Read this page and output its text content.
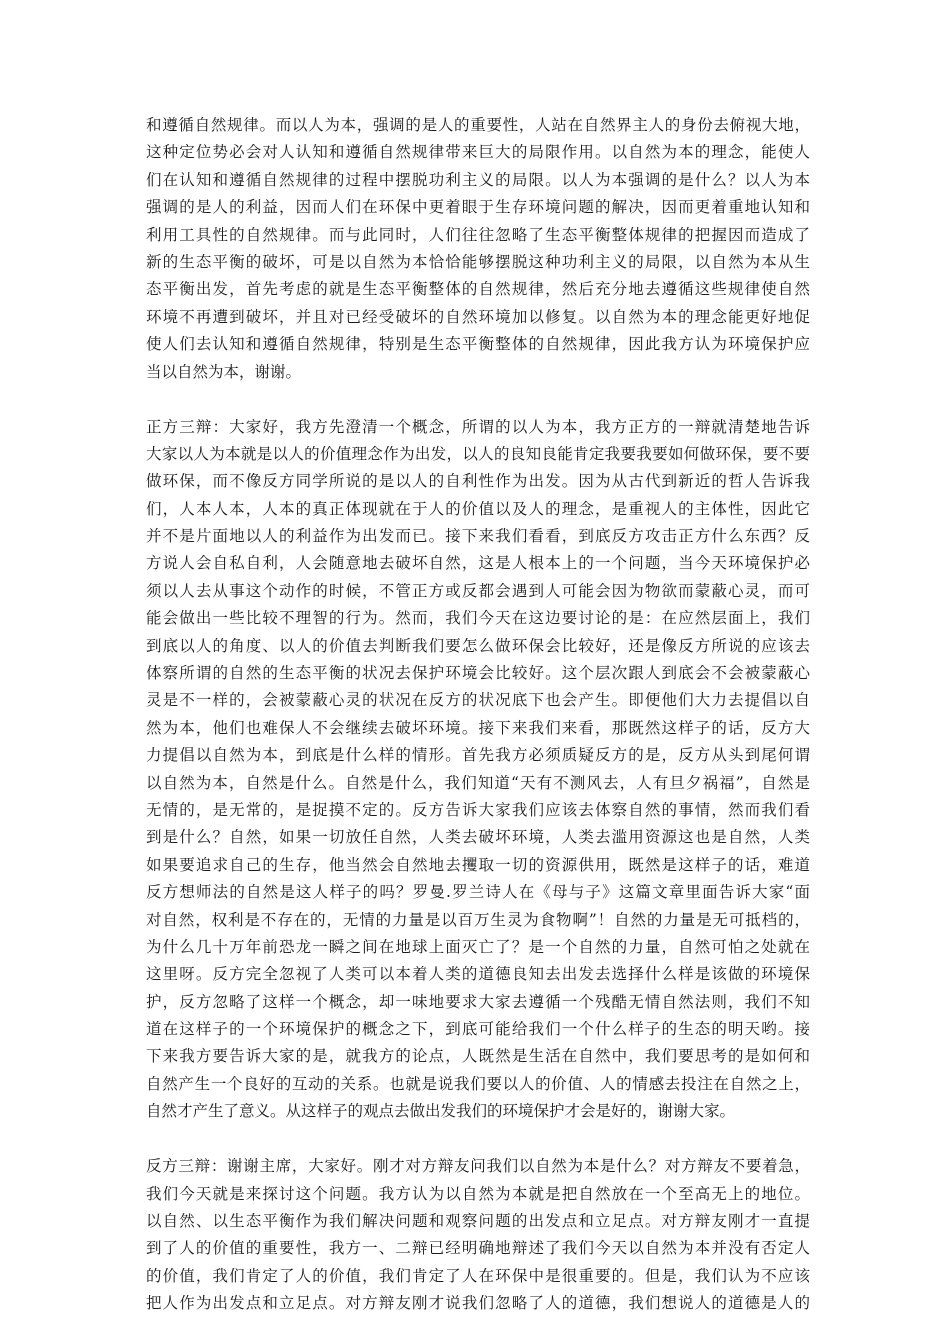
和遵循自然规律。而以人为本，强调的是人的重要性，人站在自然界主人的身份去俯视大地，
这种定位势必会对人认知和遵循自然规律带来巨大的局限作用。以自然为本的理念，能使人
们在认知和遵循自然规律的过程中摆脱功利主义的局限。以人为本强调的是什么？以人为本
强调的是人的利益，因而人们在环保中更着眼于生存环境问题的解决，因而更着重地认知和
利用工具性的自然规律。而与此同时，人们往往忽略了生态平衡整体规律的把握因而造成了
新的生态平衡的破坏，可是以自然为本恰恰能够摆脱这种功利主义的局限，以自然为本从生
态平衡出发，首先考虑的就是生态平衡整体的自然规律，然后充分地去遵循这些规律使自然
环境不再遭到破坏，并且对已经受破坏的自然环境加以修复。以自然为本的理念能更好地促
使人们去认知和遵循自然规律，特别是生态平衡整体的自然规律，因此我方认为环境保护应
当以自然为本，谢谢。
正方三辩：大家好，我方先澄清一个概念，所谓的以人为本，我方正方的一辩就清楚地告诉
大家以人为本就是以人的价值理念作为出发，以人的良知良能肯定我要我要如何做环保，要不要
做环保，而不像反方同学所说的是以人的自利性作为出发。因为从古代到新近的哲人告诉我
们，人本人本，人本的真正体现就在于人的价值以及人的理念，是重视人的主体性，因此它
并不是片面地以人的利益作为出发而已。接下来我们看看，到底反方攻击正方什么东西？反
方说人会自私自利，人会随意地去破坏自然，这是人根本上的一个问题，当今天环境保护必
须以人去从事这个动作的时候，不管正方或反都会遇到人可能会因为物欲而蒙蔽心灵，而可
能会做出一些比较不理智的行为。然而，我们今天在这边要讨论的是：在应然层面上，我们
到底以人的角度、以人的价值去判断我们要怎么做环保会比较好，还是像反方所说的应该去
体察所谓的自然的生态平衡的状况去保护环境会比较好。这个层次跟人到底会不会被蒙蔽心
灵是不一样的，会被蒙蔽心灵的状况在反方的状况底下也会产生。即便他们大力去提倡以自
然为本，他们也难保人不会继续去破坏环境。接下来我们来看，那既然这样子的话，反方大
力提倡以自然为本，到底是什么样的情形。首先我方必须质疑反方的是，反方从头到尾何谓
以自然为本，自然是什么。自然是什么，我们知道“天有不测风去，人有旦夕祸福”，自然是
无情的，是无常的，是捉摸不定的。反方告诉大家我们应该去体察自然的事情，然而我们看
到是什么？自然，如果一切放任自然，人类去破坏环境，人类去滥用资源这也是自然，人类
如果要追求自己的生存，他当然会自然地去攫取一切的资源供用，既然是这样子的话，难道
反方想师法的自然是这人样子的吗？罗曼.罗兰诗人在《母与子》这篇文章里面告诉大家“面
对自然，权利是不存在的，无情的力量是以百万生灵为食物啊”！自然的力量是无可抵档的，
为什么几十万年前恐龙一瞬之间在地球上面灭亡了？是一个自然的力量，自然可怕之处就在
这里呀。反方完全忽视了人类可以本着人类的道德良知去出发去选择什么样是该做的环境保
护，反方忽略了这样一个概念，却一味地要求大家去遵循一个残酷无情自然法则，我们不知
道在这样子的一个环境保护的概念之下，到底可能给我们一个什么样子的生态的明天哟。接
下来我方要告诉大家的是，就我方的论点，人既然是生活在自然中，我们要思考的是如何和
自然产生一个良好的互动的关系。也就是说我们要以人的价值、人的情感去投注在自然之上，
自然才产生了意义。从这样子的观点去做出发我们的环境保护才会是好的，谢谢大家。
反方三辩：谢谢主席，大家好。刚才对方辩友问我们以自然为本是什么？对方辩友不要着急，
我们今天就是来探讨这个问题。我方认为以自然为本就是把自然放在一个至高无上的地位。
以自然、以生态平衡作为我们解决问题和观察问题的出发点和立足点。对方辩友刚才一直提
到了人的价值的重要性，我方一、二辩已经明确地辩述了我们今天以自然为本并没有否定人
的价值，我们肯定了人的价值，我们肯定了人在环保中是很重要的。但是，我们认为不应该
把人作为出发点和立足点。对方辩友刚才说我们忽略了人的道德，我们想说人的道德是人的
